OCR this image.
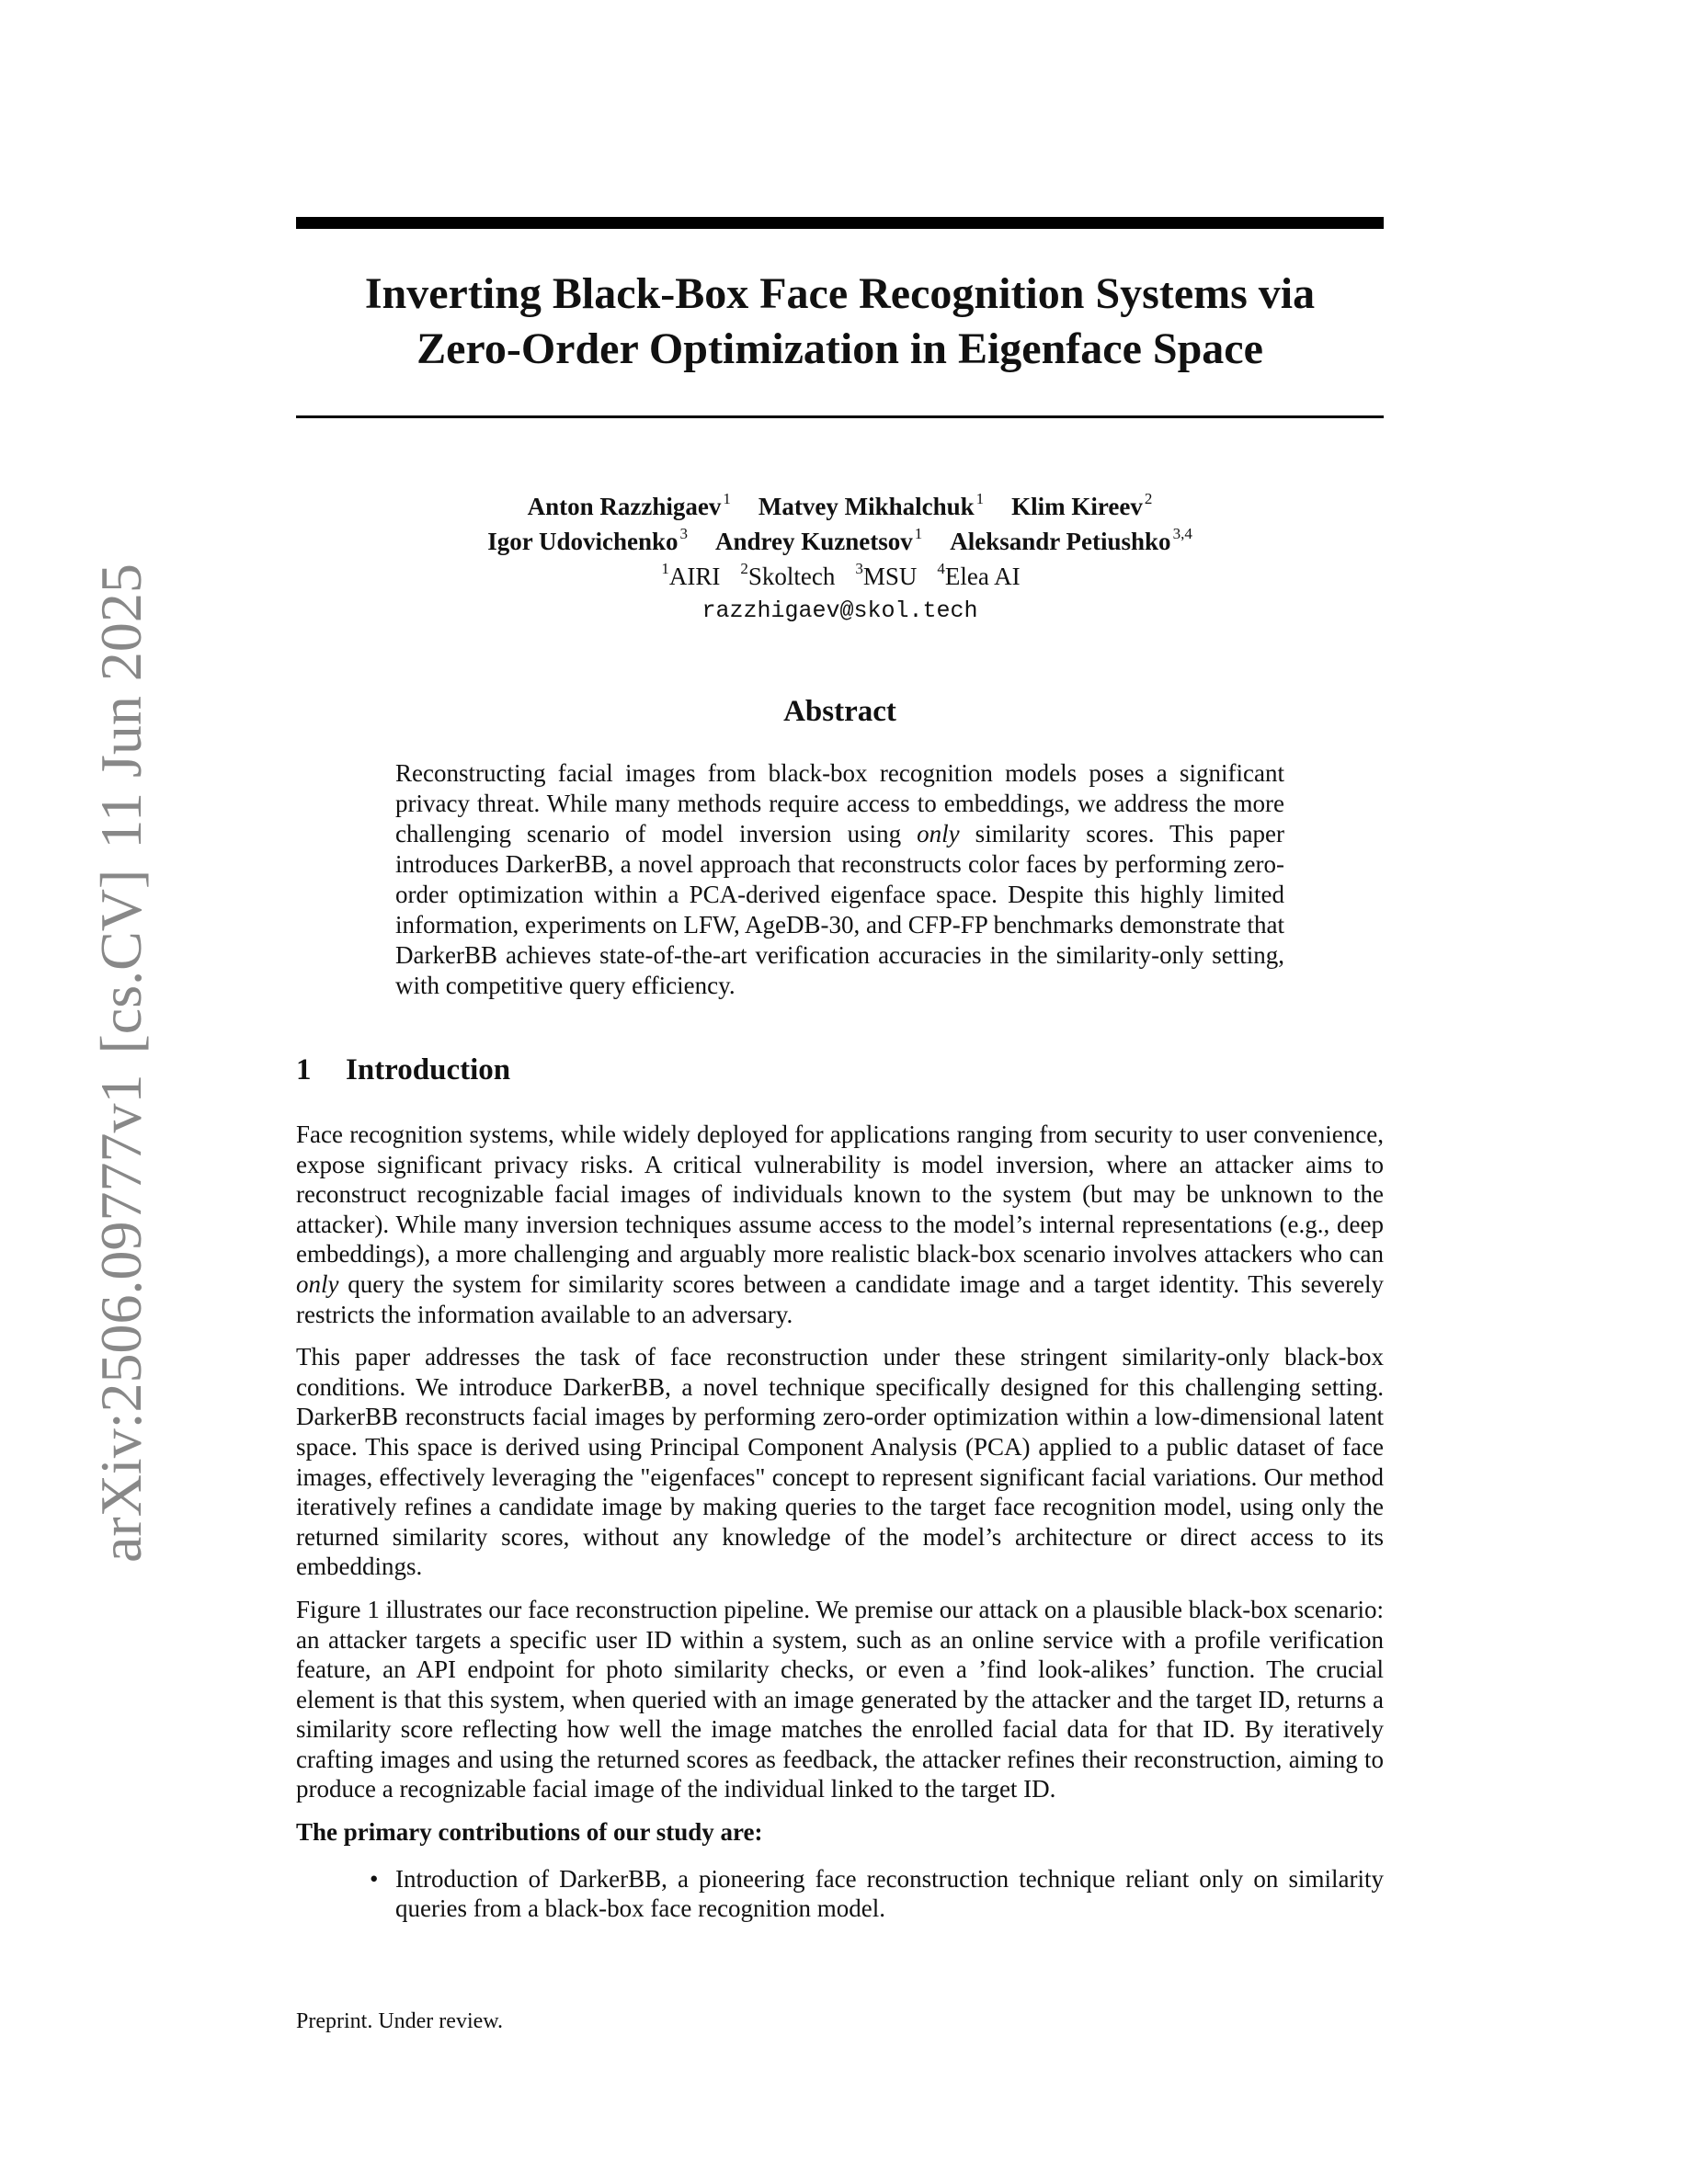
arXiv:2506.09777v1[cs.CV]11 Jun 2025
Inverting Black-Box Face Recognition Systems via
Zero-Order Optimization in Eigenface Space
Anton Razzhigaev $^1$ Matvey Mikhalchuk $^1$ Klim Kireev $^2$
Igor Udovichenko $^3$ Andrey Kuznetsov $^1$ Aleksandr Petiushko $^{3,4}$
$^1$AIRI $^2$Skoltech $^3$MSU $^4$Elea AI
razzhigaev@skol.tech
Abstract
Reconstructing facial images from black-box recognition models poses a significant privacy threat. While many methods require access to embeddings, we address the more challenging scenario of model inversion using only similarity scores. This paper introduces DarkerBB, a novel approach that reconstructs color faces by performing zero-order optimization within a PCA-derived eigenface space. Despite this highly limited information, experiments on LFW, AgeDB-30, and CFP-FP benchmarks demonstrate that DarkerBB achieves state-of-the-art verification accuracies in the similarity-only setting, with competitive query efficiency.
1 Introduction

Face recognition systems, while widely deployed for applications ranging from security to user convenience, expose significant privacy risks. A critical vulnerability is model inversion, where an attacker aims to reconstruct recognizable facial images of individuals known to the system (but may be unknown to the attacker). While many inversion techniques assume access to the model’s internal representations (e.g., deep embeddings), a more challenging and arguably more realistic black-box scenario involves attackers who can only query the system for similarity scores between a candidate image and a target identity. This severely restricts the information available to an adversary.

This paper addresses the task of face reconstruction under these stringent similarity-only black-box conditions. We introduce DarkerBB, a novel technique specifically designed for this challenging setting. DarkerBB reconstructs facial images by performing zero-order optimization within a low-dimensional latent space. This space is derived using Principal Component Analysis (PCA) applied to a public dataset of face images, effectively leveraging the "eigenfaces" concept to represent significant facial variations. Our method iteratively refines a candidate image by making queries to the target face recognition model, using only the returned similarity scores, without any knowledge of the model’s architecture or direct access to its embeddings.

Figure 1 illustrates our face reconstruction pipeline. We premise our attack on a plausible black-box scenario: an attacker targets a specific user ID within a system, such as an online service with a profile verification feature, an API endpoint for photo similarity checks, or even a ’find look-alikes’ function. The crucial element is that this system, when queried with an image generated by the attacker and the target ID, returns a similarity score reflecting how well the image matches the enrolled facial data for that ID. By iteratively crafting images and using the returned scores as feedback, the attacker refines their reconstruction, aiming to produce a recognizable facial image of the individual linked to the target ID.

The primary contributions of our study are:

• Introduction of DarkerBB, a pioneering face reconstruction technique reliant only on similarity queries from a black-box face recognition model.
Preprint. Under review.
